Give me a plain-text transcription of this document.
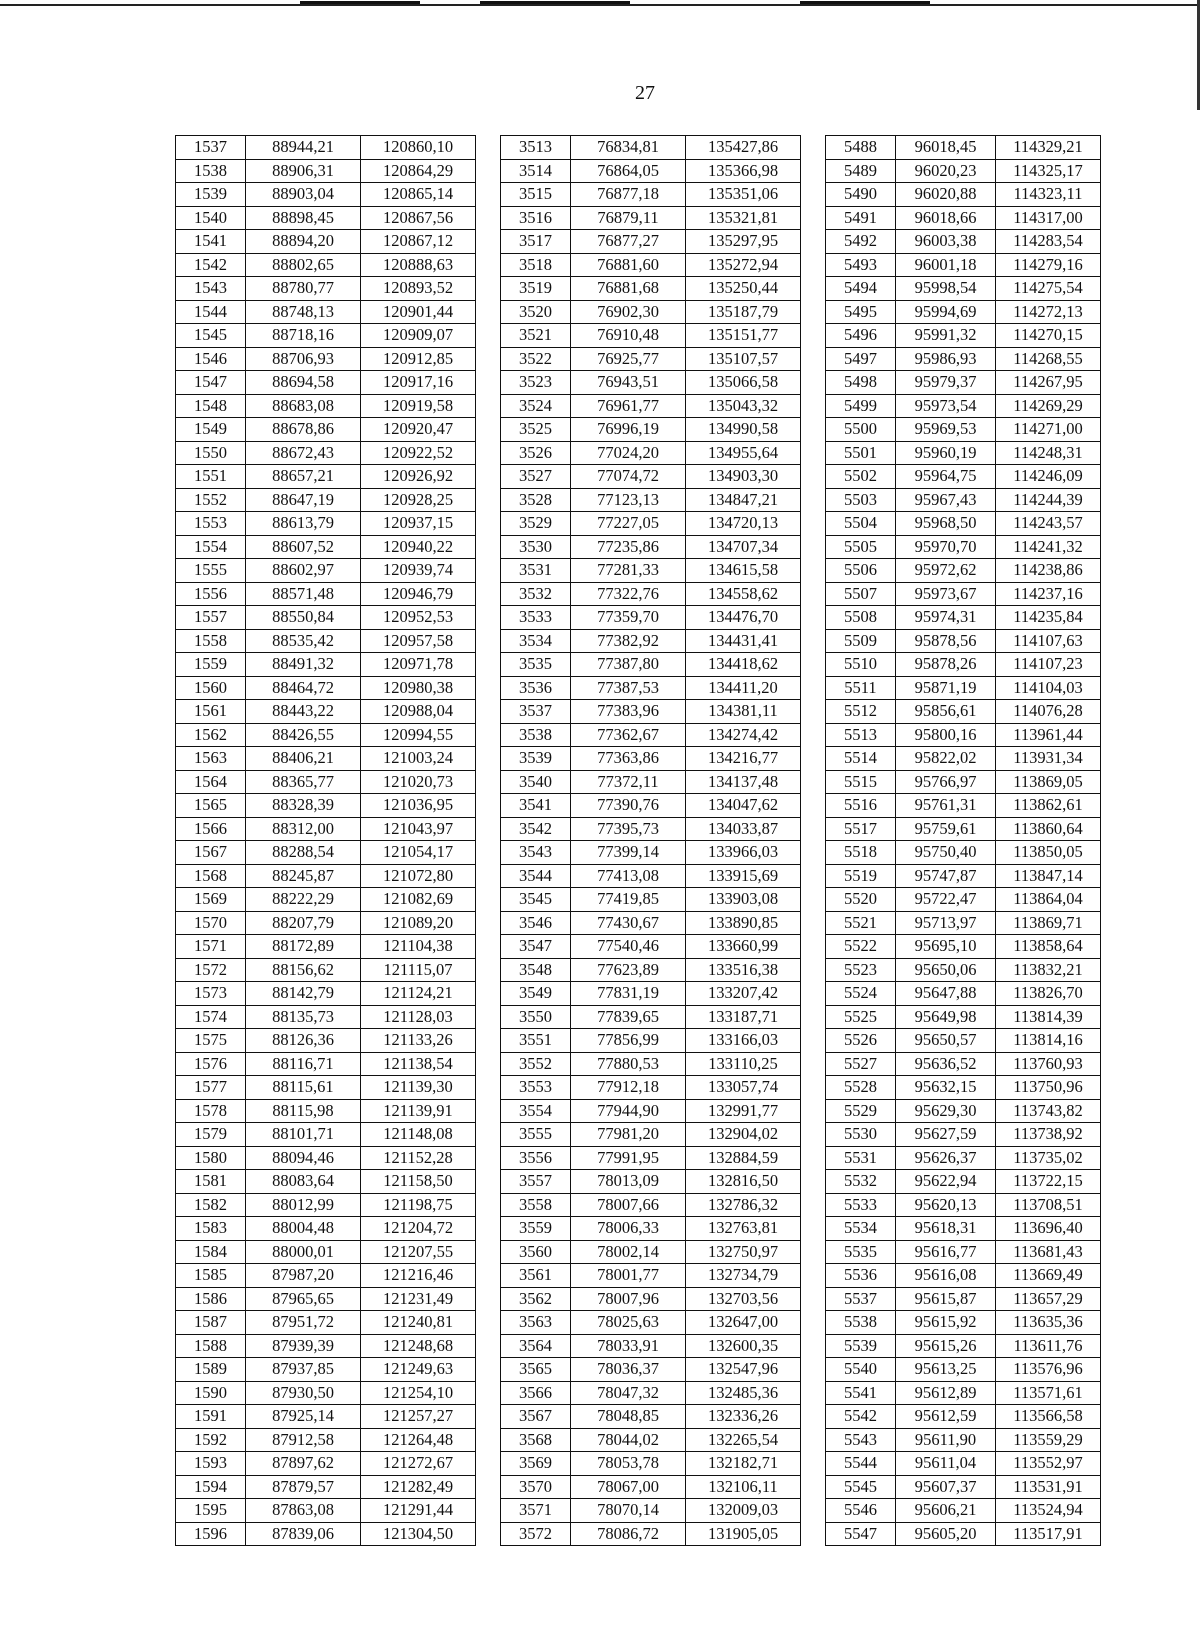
27
1537	88944,21	120860,10		3513	76834,81	135427,86		5488	96018,45	114329,21
1538	88906,31	120864,29		3514	76864,05	135366,98		5489	96020,23	114325,17
1539	88903,04	120865,14		3515	76877,18	135351,06		5490	96020,88	114323,11
1540	88898,45	120867,56		3516	76879,11	135321,81		5491	96018,66	114317,00
1541	88894,20	120867,12		3517	76877,27	135297,95		5492	96003,38	114283,54
1542	88802,65	120888,63		3518	76881,60	135272,94		5493	96001,18	114279,16
1543	88780,77	120893,52		3519	76881,68	135250,44		5494	95998,54	114275,54
1544	88748,13	120901,44		3520	76902,30	135187,79		5495	95994,69	114272,13
1545	88718,16	120909,07		3521	76910,48	135151,77		5496	95991,32	114270,15
1546	88706,93	120912,85		3522	76925,77	135107,57		5497	95986,93	114268,55
1547	88694,58	120917,16		3523	76943,51	135066,58		5498	95979,37	114267,95
1548	88683,08	120919,58		3524	76961,77	135043,32		5499	95973,54	114269,29
1549	88678,86	120920,47		3525	76996,19	134990,58		5500	95969,53	114271,00
1550	88672,43	120922,52		3526	77024,20	134955,64		5501	95960,19	114248,31
1551	88657,21	120926,92		3527	77074,72	134903,30		5502	95964,75	114246,09
1552	88647,19	120928,25		3528	77123,13	134847,21		5503	95967,43	114244,39
1553	88613,79	120937,15		3529	77227,05	134720,13		5504	95968,50	114243,57
1554	88607,52	120940,22		3530	77235,86	134707,34		5505	95970,70	114241,32
1555	88602,97	120939,74		3531	77281,33	134615,58		5506	95972,62	114238,86
1556	88571,48	120946,79		3532	77322,76	134558,62		5507	95973,67	114237,16
1557	88550,84	120952,53		3533	77359,70	134476,70		5508	95974,31	114235,84
1558	88535,42	120957,58		3534	77382,92	134431,41		5509	95878,56	114107,63
1559	88491,32	120971,78		3535	77387,80	134418,62		5510	95878,26	114107,23
1560	88464,72	120980,38		3536	77387,53	134411,20		5511	95871,19	114104,03
1561	88443,22	120988,04		3537	77383,96	134381,11		5512	95856,61	114076,28
1562	88426,55	120994,55		3538	77362,67	134274,42		5513	95800,16	113961,44
1563	88406,21	121003,24		3539	77363,86	134216,77		5514	95822,02	113931,34
1564	88365,77	121020,73		3540	77372,11	134137,48		5515	95766,97	113869,05
1565	88328,39	121036,95		3541	77390,76	134047,62		5516	95761,31	113862,61
1566	88312,00	121043,97		3542	77395,73	134033,87		5517	95759,61	113860,64
1567	88288,54	121054,17		3543	77399,14	133966,03		5518	95750,40	113850,05
1568	88245,87	121072,80		3544	77413,08	133915,69		5519	95747,87	113847,14
1569	88222,29	121082,69		3545	77419,85	133903,08		5520	95722,47	113864,04
1570	88207,79	121089,20		3546	77430,67	133890,85		5521	95713,97	113869,71
1571	88172,89	121104,38		3547	77540,46	133660,99		5522	95695,10	113858,64
1572	88156,62	121115,07		3548	77623,89	133516,38		5523	95650,06	113832,21
1573	88142,79	121124,21		3549	77831,19	133207,42		5524	95647,88	113826,70
1574	88135,73	121128,03		3550	77839,65	133187,71		5525	95649,98	113814,39
1575	88126,36	121133,26		3551	77856,99	133166,03		5526	95650,57	113814,16
1576	88116,71	121138,54		3552	77880,53	133110,25		5527	95636,52	113760,93
1577	88115,61	121139,30		3553	77912,18	133057,74		5528	95632,15	113750,96
1578	88115,98	121139,91		3554	77944,90	132991,77		5529	95629,30	113743,82
1579	88101,71	121148,08		3555	77981,20	132904,02		5530	95627,59	113738,92
1580	88094,46	121152,28		3556	77991,95	132884,59		5531	95626,37	113735,02
1581	88083,64	121158,50		3557	78013,09	132816,50		5532	95622,94	113722,15
1582	88012,99	121198,75		3558	78007,66	132786,32		5533	95620,13	113708,51
1583	88004,48	121204,72		3559	78006,33	132763,81		5534	95618,31	113696,40
1584	88000,01	121207,55		3560	78002,14	132750,97		5535	95616,77	113681,43
1585	87987,20	121216,46		3561	78001,77	132734,79		5536	95616,08	113669,49
1586	87965,65	121231,49		3562	78007,96	132703,56		5537	95615,87	113657,29
1587	87951,72	121240,81		3563	78025,63	132647,00		5538	95615,92	113635,36
1588	87939,39	121248,68		3564	78033,91	132600,35		5539	95615,26	113611,76
1589	87937,85	121249,63		3565	78036,37	132547,96		5540	95613,25	113576,96
1590	87930,50	121254,10		3566	78047,32	132485,36		5541	95612,89	113571,61
1591	87925,14	121257,27		3567	78048,85	132336,26		5542	95612,59	113566,58
1592	87912,58	121264,48		3568	78044,02	132265,54		5543	95611,90	113559,29
1593	87897,62	121272,67		3569	78053,78	132182,71		5544	95611,04	113552,97
1594	87879,57	121282,49		3570	78067,00	132106,11		5545	95607,37	113531,91
1595	87863,08	121291,44		3571	78070,14	132009,03		5546	95606,21	113524,94
1596	87839,06	121304,50		3572	78086,72	131905,05		5547	95605,20	113517,91
